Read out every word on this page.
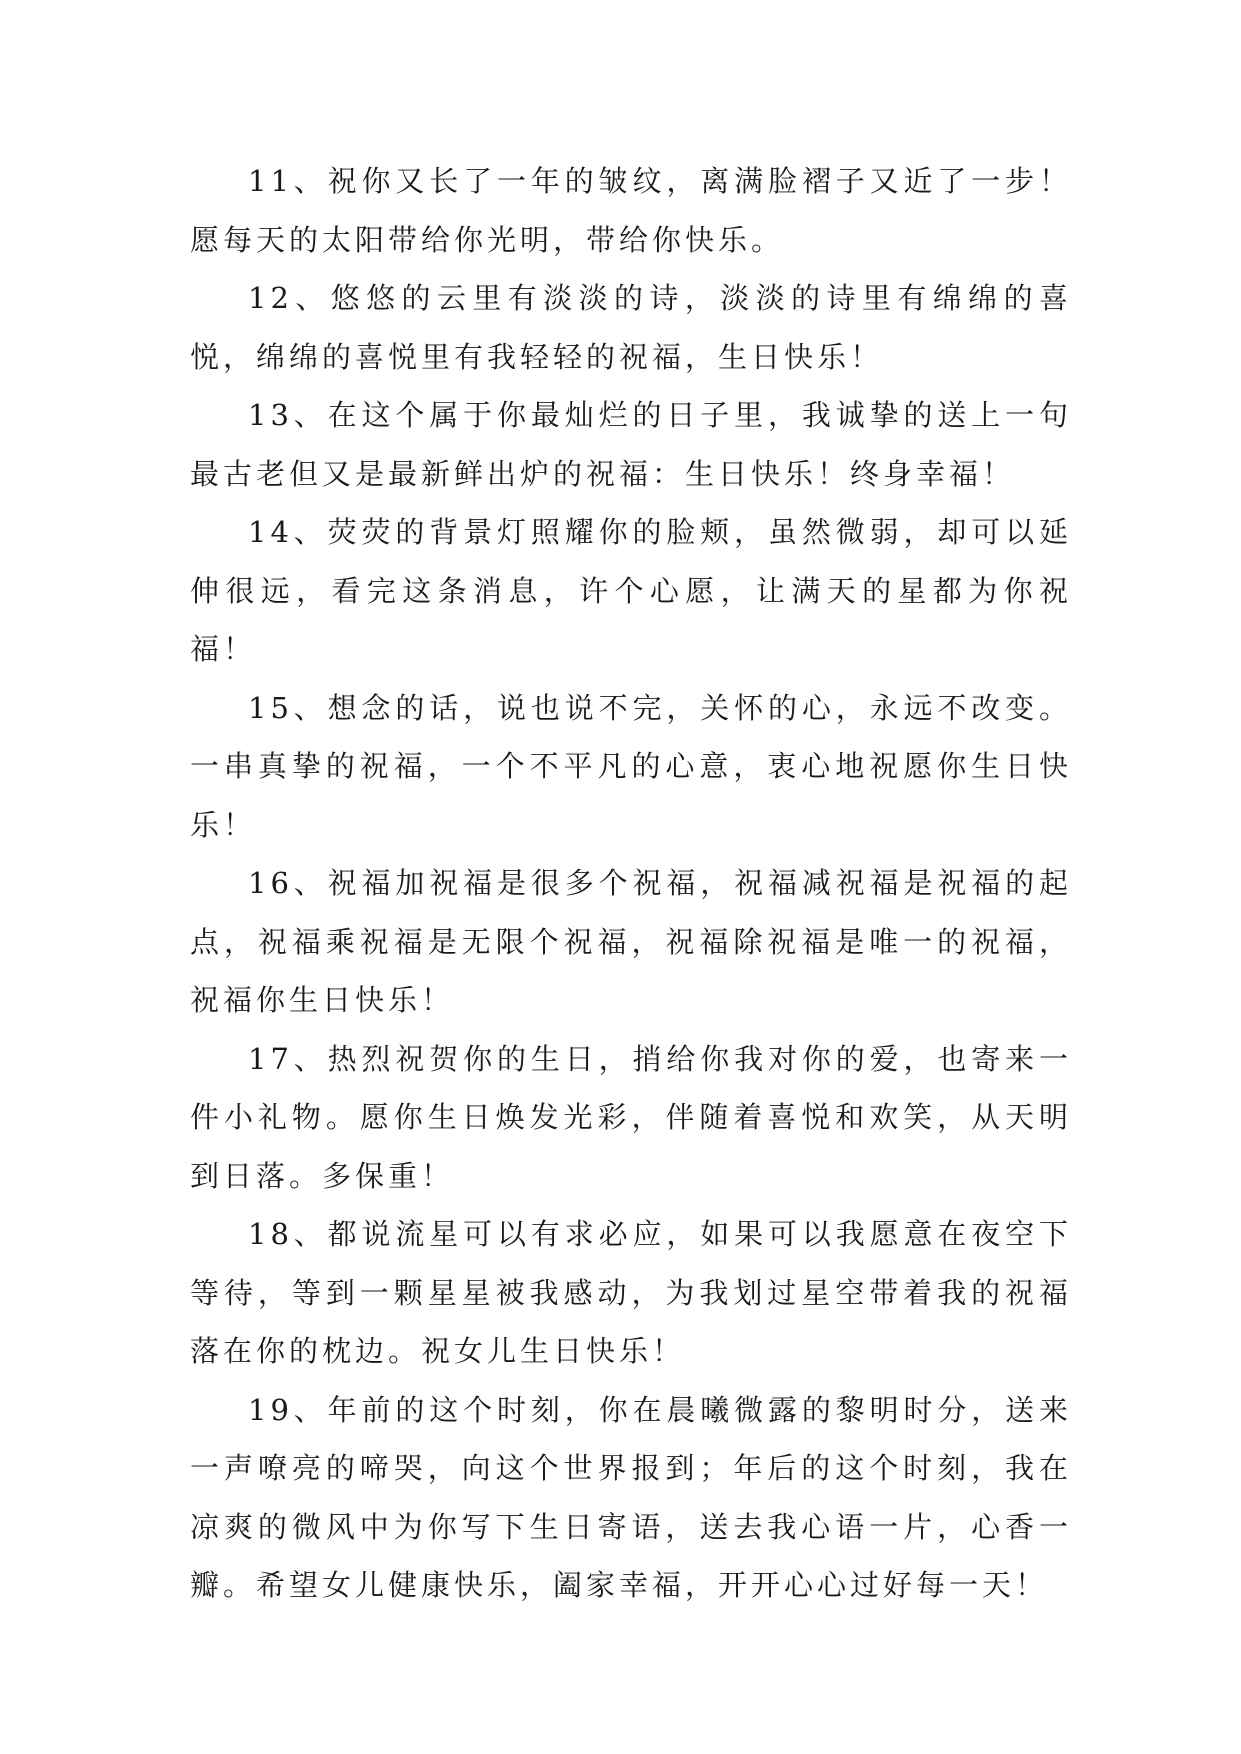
11、祝你又长了一年的皱纹，离满脸褶子又近了一步！愿每天的太阳带给你光明，带给你快乐。

12、悠悠的云里有淡淡的诗，淡淡的诗里有绵绵的喜悦，绵绵的喜悦里有我轻轻的祝福，生日快乐！

13、在这个属于你最灿烂的日子里，我诚挚的送上一句最古老但又是最新鲜出炉的祝福：生日快乐！终身幸福！

14、荧荧的背景灯照耀你的脸颊，虽然微弱，却可以延伸很远，看完这条消息，许个心愿，让满天的星都为你祝福！

15、想念的话，说也说不完，关怀的心，永远不改变。一串真挚的祝福，一个不平凡的心意，衷心地祝愿你生日快乐！

16、祝福加祝福是很多个祝福，祝福减祝福是祝福的起点，祝福乘祝福是无限个祝福，祝福除祝福是唯一的祝福，祝福你生日快乐！

17、热烈祝贺你的生日，捎给你我对你的爱，也寄来一件小礼物。愿你生日焕发光彩，伴随着喜悦和欢笑，从天明到日落。多保重！

18、都说流星可以有求必应，如果可以我愿意在夜空下等待，等到一颗星星被我感动，为我划过星空带着我的祝福落在你的枕边。祝女儿生日快乐！

19、年前的这个时刻，你在晨曦微露的黎明时分，送来一声嘹亮的啼哭，向这个世界报到；年后的这个时刻，我在凉爽的微风中为你写下生日寄语，送去我心语一片，心香一瓣。希望女儿健康快乐，阖家幸福，开开心心过好每一天！
